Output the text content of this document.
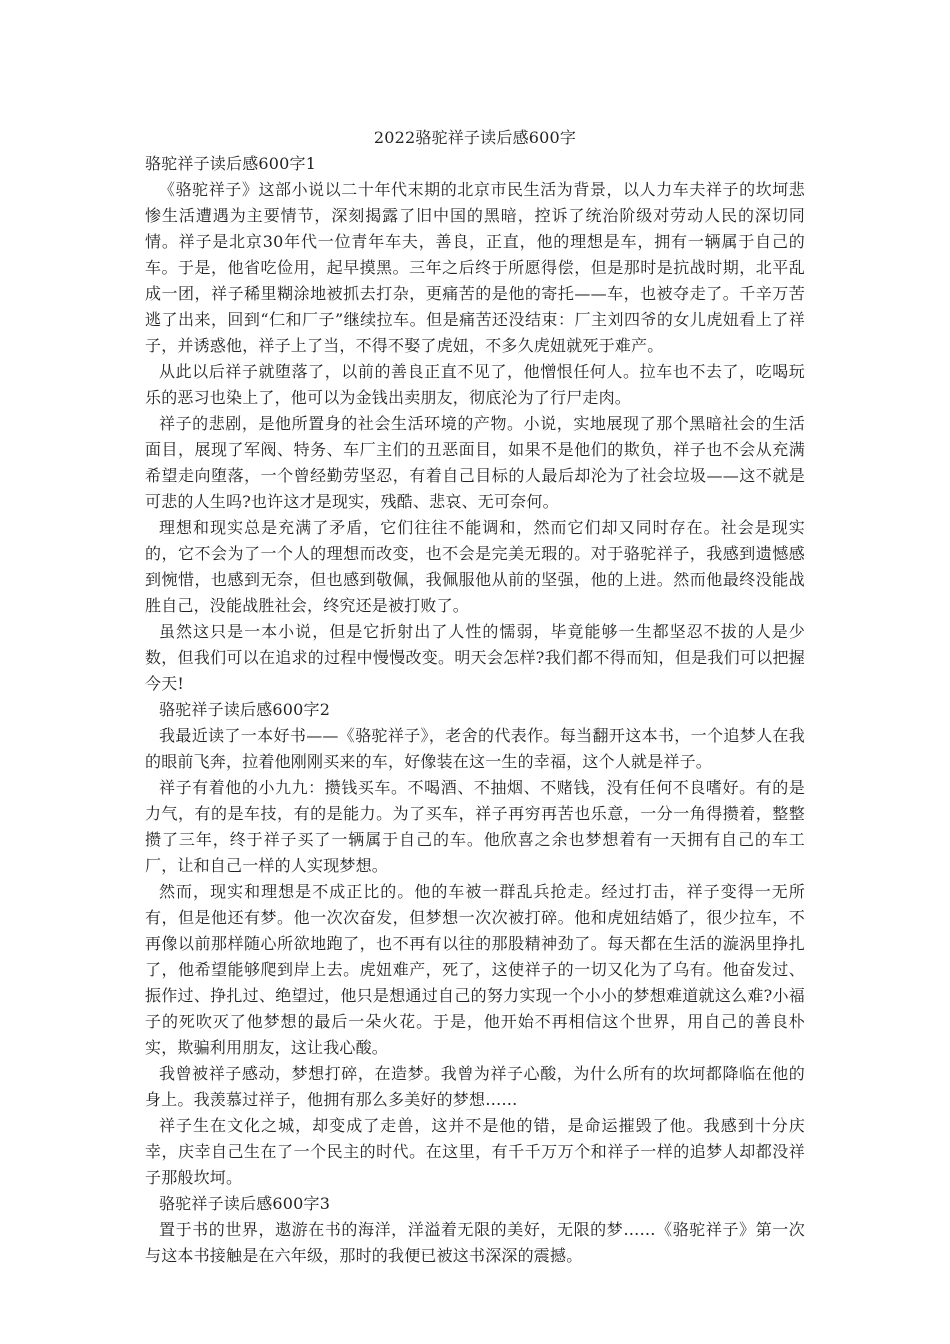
2022骆驼祥子读后感600字
骆驼祥子读后感600字1

《骆驼祥子》这部小说以二十年代末期的北京市民生活为背景，以人力车夫祥子的坎坷悲惨生活遭遇为主要情节，深刻揭露了旧中国的黑暗，控诉了统治阶级对劳动人民的深切同情。祥子是北京30年代一位青年车夫，善良，正直，他的理想是车，拥有一辆属于自己的车。于是，他省吃俭用，起早摸黑。三年之后终于所愿得偿，但是那时是抗战时期，北平乱成一团，祥子稀里糊涂地被抓去打杂，更痛苦的是他的寄托——车，也被夺走了。千辛万苦逃了出来，回到“仁和厂子”继续拉车。但是痛苦还没结束：厂主刘四爷的女儿虎妞看上了祥子，并诱惑他，祥子上了当，不得不娶了虎妞，不多久虎妞就死于难产。

从此以后祥子就堕落了，以前的善良正直不见了，他憎恨任何人。拉车也不去了，吃喝玩乐的恶习也染上了，他可以为金钱出卖朋友，彻底沦为了行尸走肉。

祥子的悲剧，是他所置身的社会生活环境的产物。小说，实地展现了那个黑暗社会的生活面目，展现了军阀、特务、车厂主们的丑恶面目，如果不是他们的欺负，祥子也不会从充满希望走向堕落，一个曾经勤劳坚忍，有着自己目标的人最后却沦为了社会垃圾——这不就是可悲的人生吗?也许这才是现实，残酷、悲哀、无可奈何。

理想和现实总是充满了矛盾，它们往往不能调和，然而它们却又同时存在。社会是现实的，它不会为了一个人的理想而改变，也不会是完美无瑕的。对于骆驼祥子，我感到遗憾感到惋惜，也感到无奈，但也感到敬佩，我佩服他从前的坚强，他的上进。然而他最终没能战胜自己，没能战胜社会，终究还是被打败了。

虽然这只是一本小说，但是它折射出了人性的懦弱，毕竟能够一生都坚忍不拔的人是少数，但我们可以在追求的过程中慢慢改变。明天会怎样?我们都不得而知，但是我们可以把握今天!

骆驼祥子读后感600字2

我最近读了一本好书——《骆驼祥子》，老舍的代表作。每当翻开这本书，一个追梦人在我的眼前飞奔，拉着他刚刚买来的车，好像装在这一生的幸福，这个人就是祥子。

祥子有着他的小九九：攒钱买车。不喝酒、不抽烟、不赌钱，没有任何不良嗜好。有的是力气，有的是车技，有的是能力。为了买车，祥子再穷再苦也乐意，一分一角得攒着，整整攒了三年，终于祥子买了一辆属于自己的车。他欣喜之余也梦想着有一天拥有自己的车工厂，让和自己一样的人实现梦想。

然而，现实和理想是不成正比的。他的车被一群乱兵抢走。经过打击，祥子变得一无所有，但是他还有梦。他一次次奋发，但梦想一次次被打碎。他和虎妞结婚了，很少拉车，不再像以前那样随心所欲地跑了，也不再有以往的那股精神劲了。每天都在生活的漩涡里挣扎了，他希望能够爬到岸上去。虎妞难产，死了，这使祥子的一切又化为了乌有。他奋发过、振作过、挣扎过、绝望过，他只是想通过自己的努力实现一个小小的梦想难道就这么难?小福子的死吹灭了他梦想的最后一朵火花。于是，他开始不再相信这个世界，用自己的善良朴实，欺骗利用朋友，这让我心酸。

我曾被祥子感动，梦想打碎，在造梦。我曾为祥子心酸，为什么所有的坎坷都降临在他的身上。我羡慕过祥子，他拥有那么多美好的梦想……

祥子生在文化之城，却变成了走兽，这并不是他的错，是命运摧毁了他。我感到十分庆幸，庆幸自己生在了一个民主的时代。在这里，有千千万万个和祥子一样的追梦人却都没祥子那般坎坷。

骆驼祥子读后感600字3

置于书的世界，遨游在书的海洋，洋溢着无限的美好，无限的梦……《骆驼祥子》第一次与这本书接触是在六年级，那时的我便已被这书深深的震撼。
